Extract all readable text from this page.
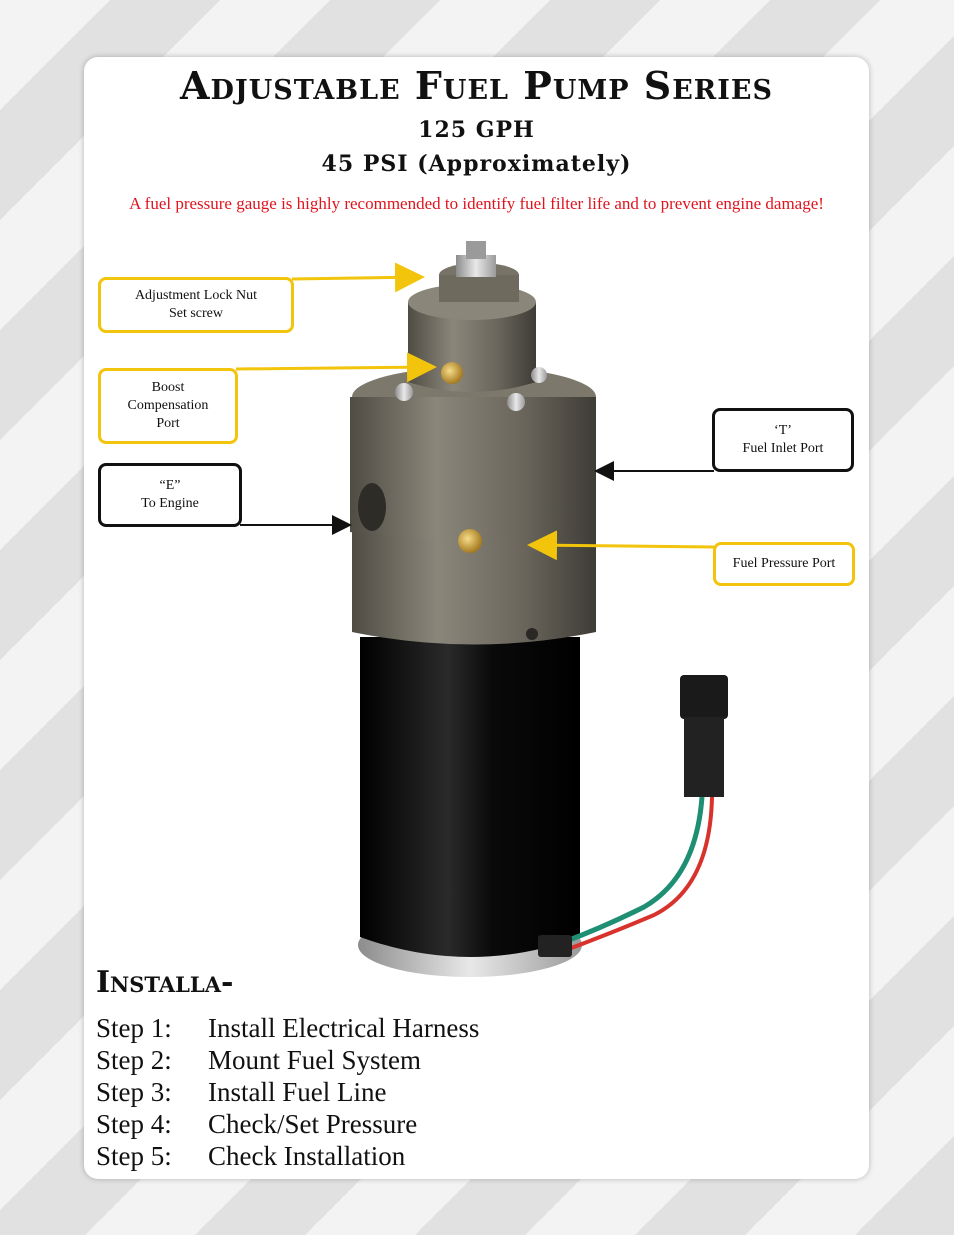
Adjustable Fuel Pump Series
125 GPH
45 PSI (Approximately)
A fuel pressure gauge is highly recommended to identify fuel filter life and to prevent engine damage!
Adjustment Lock Nut
Set screw
Boost
Compensation
Port
“E”
To Engine
‘T’
Fuel Inlet Port
Fuel Pressure Port
Installa-
Step 1:	Install Electrical Harness
Step 2:	Mount Fuel System
Step 3:	Install Fuel Line
Step 4:	Check/Set Pressure
Step 5:	Check Installation
